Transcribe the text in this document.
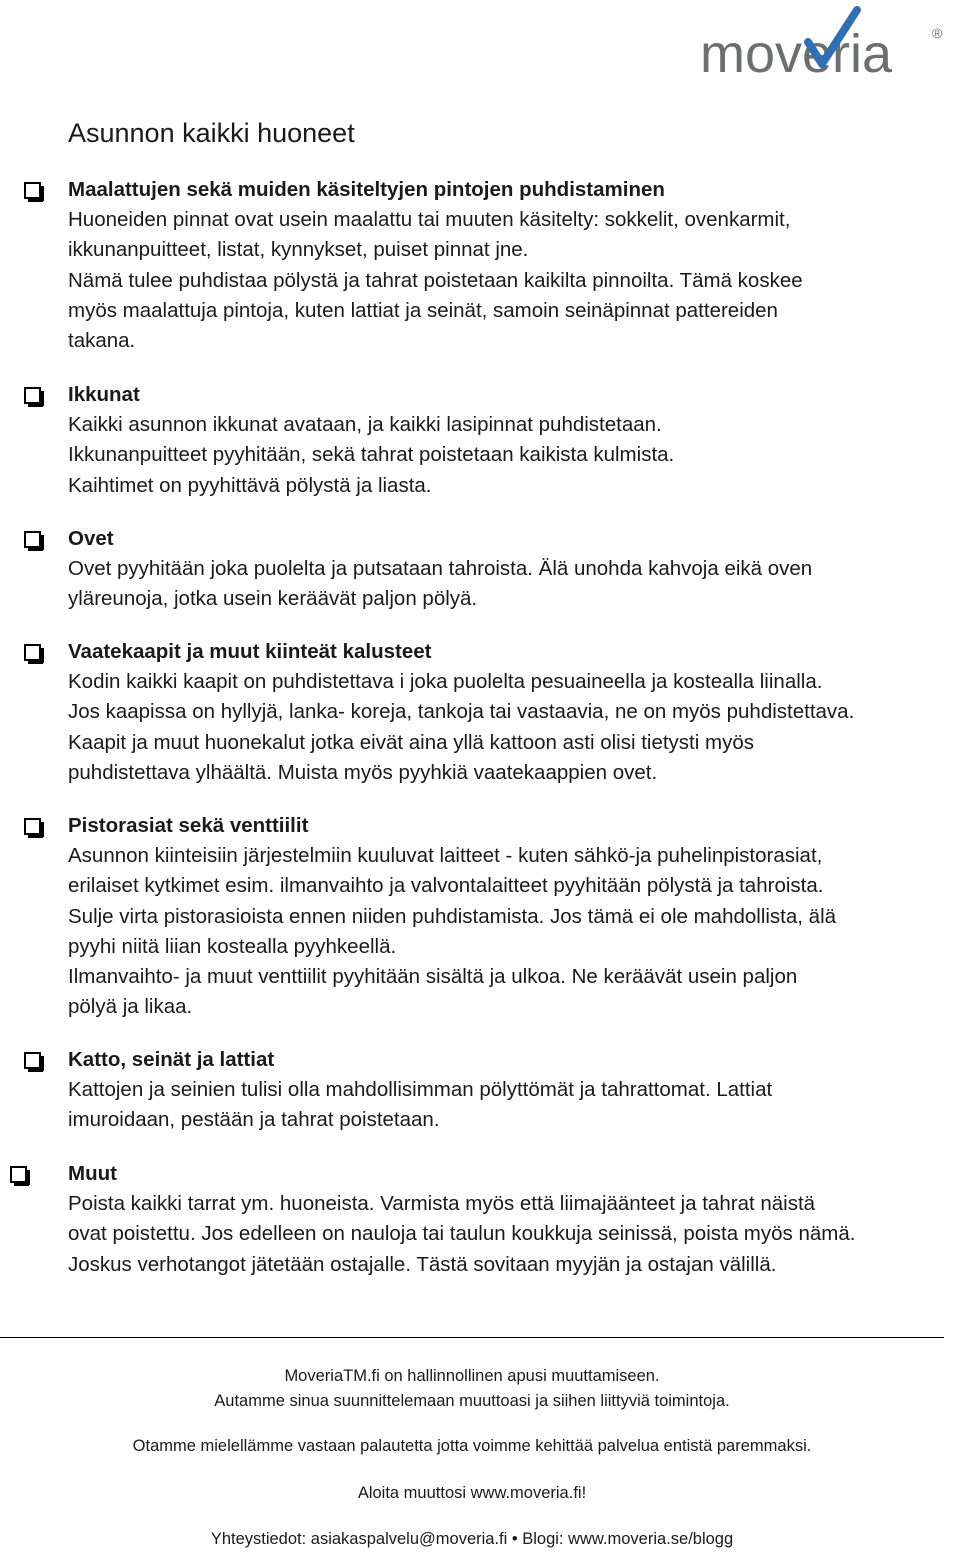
moveria	®
Asunnon kaikki huoneet
Maalattujen sekä muiden käsiteltyjen pintojen puhdistaminen
Huoneiden pinnat ovat usein maalattu tai muuten käsitelty: sokkelit, ovenkarmit,
ikkunanpuitteet, listat, kynnykset, puiset pinnat jne.
Nämä tulee puhdistaa pölystä ja tahrat poistetaan kaikilta pinnoilta. Tämä koskee
myös maalattuja pintoja, kuten lattiat ja seinät, samoin seinäpinnat pattereiden
takana.
Ikkunat
Kaikki asunnon ikkunat avataan, ja kaikki lasipinnat puhdistetaan.
Ikkunanpuitteet pyyhitään, sekä tahrat poistetaan kaikista kulmista.
Kaihtimet on pyyhittävä pölystä ja liasta.
Ovet
Ovet pyyhitään joka puolelta ja putsataan tahroista. Älä unohda kahvoja eikä oven
yläreunoja, jotka usein keräävät paljon pölyä.
Vaatekaapit ja muut kiinteät kalusteet
Kodin kaikki kaapit on puhdistettava i joka puolelta pesuaineella ja kostealla liinalla.
Jos kaapissa on hyllyjä, lanka- koreja, tankoja tai vastaavia, ne on myös puhdistettava.
Kaapit ja muut huonekalut jotka eivät aina yllä kattoon asti olisi tietysti myös
puhdistettava ylhäältä. Muista myös pyyhkiä vaatekaappien ovet.
Pistorasiat sekä venttiilit
Asunnon kiinteisiin järjestelmiin kuuluvat laitteet - kuten sähkö-ja puhelinpistorasiat,
erilaiset kytkimet esim. ilmanvaihto ja valvontalaitteet pyyhitään pölystä ja tahroista.
Sulje virta pistorasioista ennen niiden puhdistamista. Jos tämä ei ole mahdollista, älä
pyyhi niitä liian kostealla pyyhkeellä.
Ilmanvaihto- ja muut venttiilit pyyhitään sisältä ja ulkoa. Ne keräävät usein paljon
pölyä ja likaa.
Katto, seinät ja lattiat
Kattojen ja seinien tulisi olla mahdollisimman pölyttömät ja tahrattomat. Lattiat
imuroidaan, pestään ja tahrat poistetaan.
Muut
Poista kaikki tarrat ym. huoneista. Varmista myös että liimajäänteet ja tahrat näistä
ovat poistettu. Jos edelleen on nauloja tai taulun koukkuja seinissä, poista myös nämä.
Joskus verhotangot jätetään ostajalle. Tästä sovitaan myyjän ja ostajan välillä.
MoveriaTM.fi on hallinnollinen apusi muuttamiseen.
Autamme sinua suunnittelemaan muuttoasi ja siihen liittyviä toimintoja.
Otamme mielellämme vastaan palautetta jotta voimme kehittää palvelua entistä paremmaksi.
Aloita muuttosi www.moveria.fi!
Yhteystiedot: asiakaspalvelu@moveria.fi • Blogi: www.moveria.se/blogg
